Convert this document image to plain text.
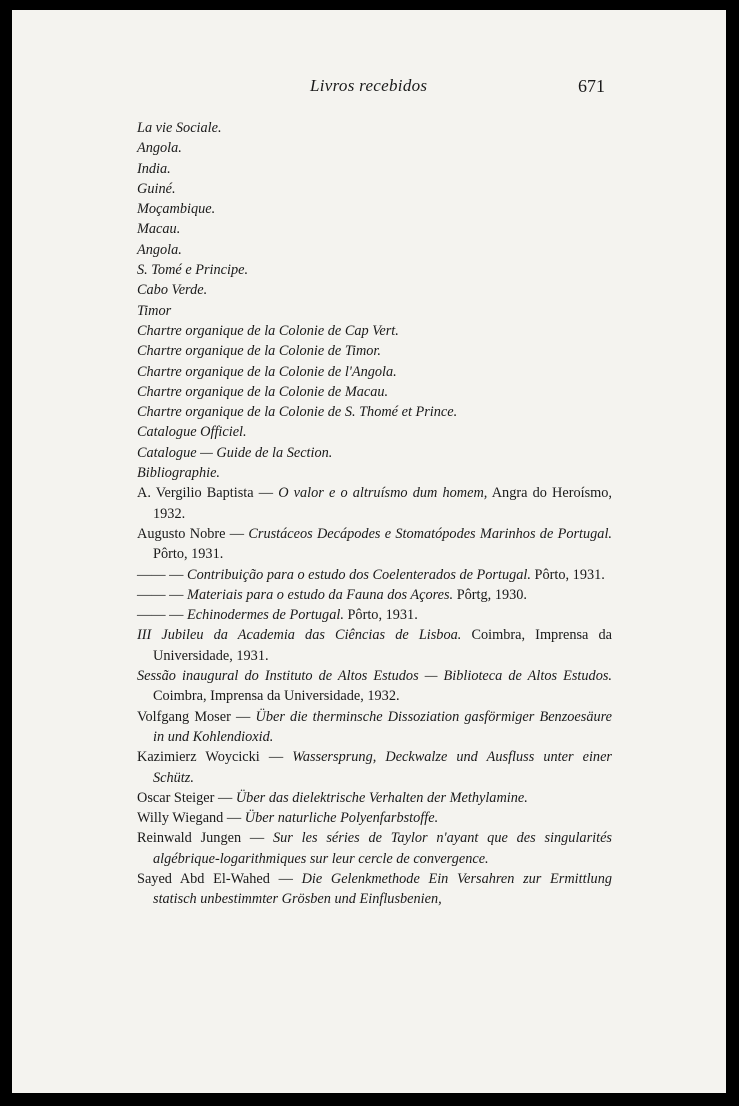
Livros recebidos	671

La vie Sociale.

Angola.

India.

Guiné.

Moçambique.

Macau.

Angola.

S. Tomé e Principe.

Cabo Verde.

Timor

Chartre organique de la Colonie de Cap Vert.

Chartre organique de la Colonie de Timor.

Chartre organique de la Colonie de l'Angola.

Chartre organique de la Colonie de Macau.

Chartre organique de la Colonie de S. Thomé et Prince.

Catalogue Officiel.

Catalogue — Guide de la Section.

Bibliographie.

A. Vergilio Baptista — O valor e o altruísmo dum homem, Angra do Heroísmo, 1932.

Augusto Nobre — Crustáceos Decápodes e Stomatópodes Marinhos de Portugal. Pôrto, 1931.

—— — Contribuição para o estudo dos Coelenterados de Portugal. Pôrto, 1931.

—— — Materiais para o estudo da Fauna dos Açores. Pôrtg, 1930.

—— — Echinodermes de Portugal. Pôrto, 1931.

III Jubileu da Academia das Ciências de Lisboa. Coimbra, Imprensa da Universidade, 1931.

Sessão inaugural do Instituto de Altos Estudos — Biblioteca de Altos Estudos. Coimbra, Imprensa da Universidade, 1932.

Volfgang Moser — Über die therminsche Dissoziation gasförmiger Benzoesäure in und Kohlendioxid.

Kazimierz Woycicki — Wassersprung, Deckwalze und Ausfluss unter einer Schütz.

Oscar Steiger — Über das dielektrische Verhalten der Methylamine.

Willy Wiegand — Über naturliche Polyenfarbstoffe.

Reinwald Jungen — Sur les séries de Taylor n'ayant que des singularités algébrique-logarithmiques sur leur cercle de convergence.

Sayed Abd El-Wahed — Die Gelenkmethode Ein Versahren zur Ermittlung statisch unbestimmter Grösben und Einflusbenien,
